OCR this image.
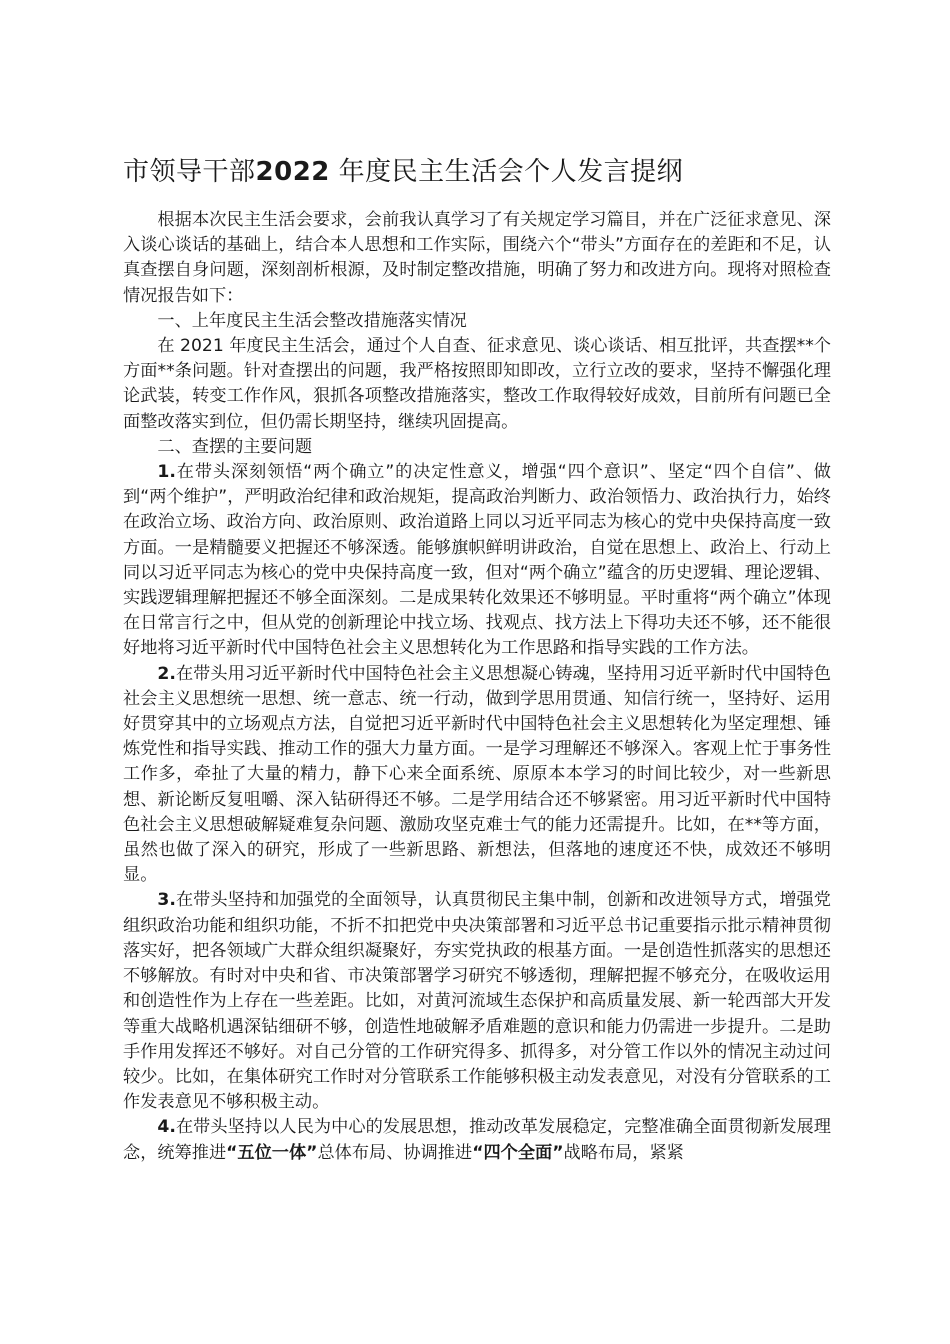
市领导干部2022 年度民主生活会个人发言提纲

根据本次民主生活会要求，会前我认真学习了有关规定学习篇目，并在广泛征求意见、深入谈心谈话的基础上，结合本人思想和工作实际，围绕六个“带头”方面存在的差距和不足，认真查摆自身问题，深刻剖析根源，及时制定整改措施，明确了努力和改进方向。现将对照检查情况报告如下：

一、上年度民主生活会整改措施落实情况

在 2021 年度民主生活会，通过个人自查、征求意见、谈心谈话、相互批评，共查摆**个方面**条问题。针对查摆出的问题，我严格按照即知即改，立行立改的要求，坚持不懈强化理论武装，转变工作作风，狠抓各项整改措施落实，整改工作取得较好成效，目前所有问题已全面整改落实到位，但仍需长期坚持，继续巩固提高。

二、查摆的主要问题

1.在带头深刻领悟“两个确立”的决定性意义，增强“四个意识”、坚定“四个自信”、做到“两个维护”，严明政治纪律和政治规矩，提高政治判断力、政治领悟力、政治执行力，始终在政治立场、政治方向、政治原则、政治道路上同以习近平同志为核心的党中央保持高度一致方面。一是精髓要义把握还不够深透。能够旗帜鲜明讲政治，自觉在思想上、政治上、行动上同以习近平同志为核心的党中央保持高度一致，但对“两个确立”蕴含的历史逻辑、理论逻辑、实践逻辑理解把握还不够全面深刻。二是成果转化效果还不够明显。平时重将“两个确立”体现在日常言行之中，但从党的创新理论中找立场、找观点、找方法上下得功夫还不够，还不能很好地将习近平新时代中国特色社会主义思想转化为工作思路和指导实践的工作方法。

2.在带头用习近平新时代中国特色社会主义思想凝心铸魂，坚持用习近平新时代中国特色社会主义思想统一思想、统一意志、统一行动，做到学思用贯通、知信行统一，坚持好、运用好贯穿其中的立场观点方法，自觉把习近平新时代中国特色社会主义思想转化为坚定理想、锤炼党性和指导实践、推动工作的强大力量方面。一是学习理解还不够深入。客观上忙于事务性工作多，牵扯了大量的精力，静下心来全面系统、原原本本学习的时间比较少，对一些新思想、新论断反复咀嚼、深入钻研得还不够。二是学用结合还不够紧密。用习近平新时代中国特色社会主义思想破解疑难复杂问题、激励攻坚克难士气的能力还需提升。比如，在**等方面，虽然也做了深入的研究，形成了一些新思路、新想法，但落地的速度还不快，成效还不够明显。

3.在带头坚持和加强党的全面领导，认真贯彻民主集中制，创新和改进领导方式，增强党组织政治功能和组织功能，不折不扣把党中央决策部署和习近平总书记重要指示批示精神贯彻落实好，把各领域广大群众组织凝聚好，夯实党执政的根基方面。一是创造性抓落实的思想还不够解放。有时对中央和省、市决策部署学习研究不够透彻，理解把握不够充分，在吸收运用和创造性作为上存在一些差距。比如，对黄河流域生态保护和高质量发展、新一轮西部大开发等重大战略机遇深钻细研不够，创造性地破解矛盾难题的意识和能力仍需进一步提升。二是助手作用发挥还不够好。对自己分管的工作研究得多、抓得多，对分管工作以外的情况主动过问较少。比如，在集体研究工作时对分管联系工作能够积极主动发表意见，对没有分管联系的工作发表意见不够积极主动。

4.在带头坚持以人民为中心的发展思想，推动改革发展稳定，完整准确全面贯彻新发展理念，统筹推进“五位一体”总体布局、协调推进“四个全面”战略布局，紧紧
